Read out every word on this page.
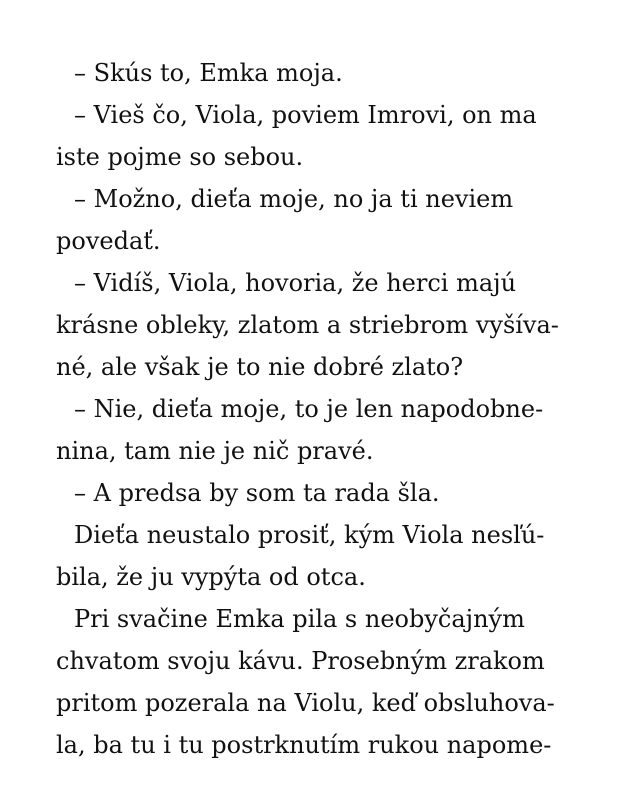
– Skús to, Emka moja.
– Vieš čo, Viola, poviem Imrovi, on ma
iste pojme so sebou.
– Možno, dieťa moje, no ja ti neviem
povedať.
– Vidíš, Viola, hovoria, že herci majú
krásne obleky, zlatom a striebrom vyšíva-
né, ale však je to nie dobré zlato?
– Nie, dieťa moje, to je len napodobne-
nina, tam nie je nič pravé.
– A predsa by som ta rada šla.
Dieťa neustalo prosiť, kým Viola nesľú-
bila, že ju vypýta od otca.
Pri svačine Emka pila s neobyčajným
chvatom svoju kávu. Prosebným zrakom
pritom pozerala na Violu, keď obsluhova-
la, ba tu i tu postrknutím rukou napome-
